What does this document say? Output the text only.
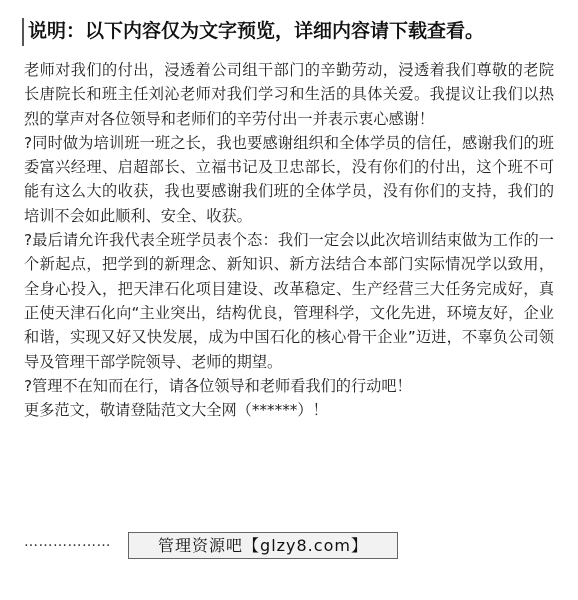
说明：以下内容仅为文字预览，详细内容请下载查看。

老师对我们的付出，浸透着公司组干部门的辛勤劳动，浸透着我们尊敬的老院长唐院长和班主任刘沁老师对我们学习和生活的具体关爱。我提议让我们以热烈的掌声对各位领导和老师们的辛劳付出一并表示衷心感谢！

?同时做为培训班一班之长，我也要感谢组织和全体学员的信任，感谢我们的班委富兴经理、启超部长、立福书记及卫忠部长，没有你们的付出，这个班不可能有这么大的收获，我也要感谢我们班的全体学员，没有你们的支持，我们的培训不会如此顺利、安全、收获。

?最后请允许我代表全班学员表个态：我们一定会以此次培训结束做为工作的一个新起点，把学到的新理念、新知识、新方法结合本部门实际情况学以致用，全身心投入，把天津石化项目建设、改革稳定、生产经营三大任务完成好，真正使天津石化向“主业突出，结构优良，管理科学，文化先进，环境友好，企业和谐，实现又好又快发展，成为中国石化的核心骨干企业”迈进，不辜负公司领导及管理干部学院领导、老师的期望。

?管理不在知而在行，请各位领导和老师看我们的行动吧！

更多范文，敬请登陆范文大全网（******）！

………………	管理资源吧【glzy8.com】
